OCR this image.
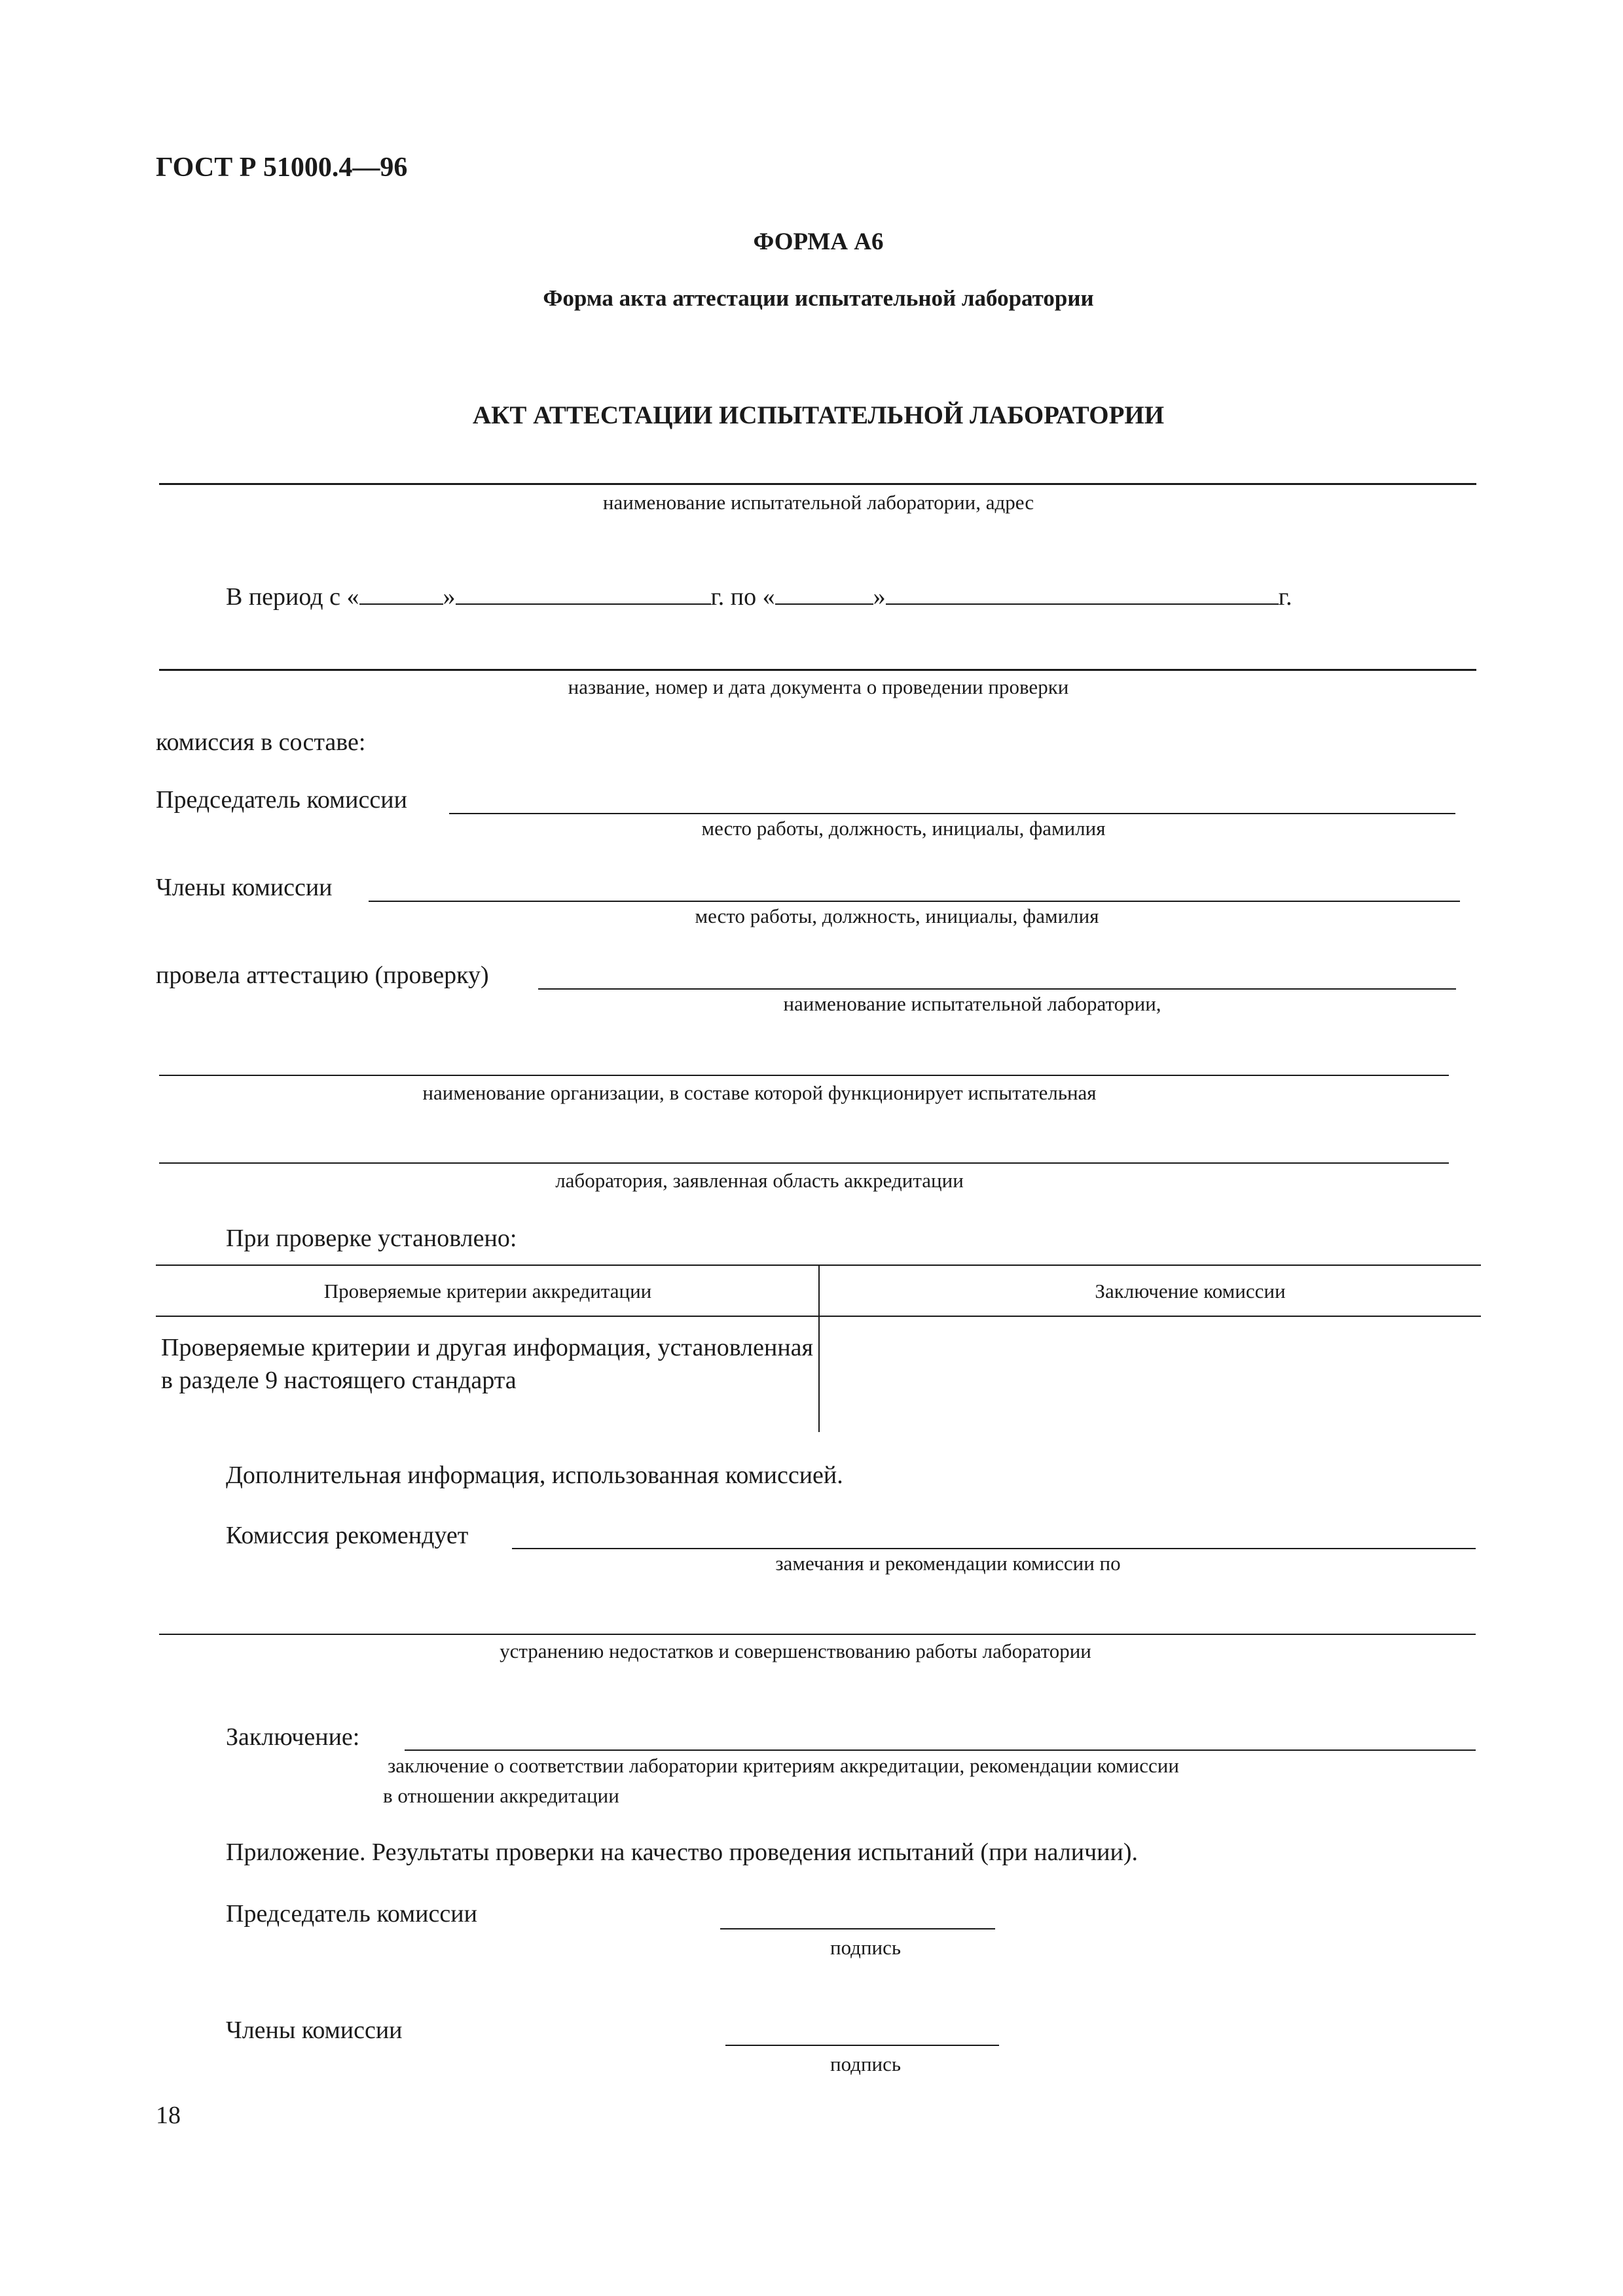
ГОСТ Р 51000.4—96
ФОРМА А6
Форма акта аттестации испытательной лаборатории
АКТ АТТЕСТАЦИИ ИСПЫТАТЕЛЬНОЙ ЛАБОРАТОРИИ
наименование испытательной лаборатории, адрес
В период с «	»	г. по «	»	г.
название, номер и дата документа о проведении проверки
комиссия в составе:
Председатель комиссии
место работы, должность, инициалы, фамилия
Члены комиссии
место работы, должность, инициалы, фамилия
провела аттестацию (проверку)
наименование испытательной лаборатории,
наименование организации, в составе которой функционирует испытательная
лаборатория, заявленная область аккредитации
При проверке установлено:
Проверяемые критерии аккредитации	Заключение комиссии
Проверяемые критерии и другая информация, установленная в разделе 9 настоящего стандарта
Дополнительная информация, использованная комиссией.
Комиссия рекомендует
замечания и рекомендации комиссии по
устранению недостатков и совершенствованию работы лаборатории
Заключение:
заключение о соответствии лаборатории критериям аккредитации, рекомендации комиссии
в отношении аккредитации
Приложение. Результаты проверки на качество проведения испытаний (при наличии).
Председатель комиссии
подпись
Члены комиссии
подпись
18
